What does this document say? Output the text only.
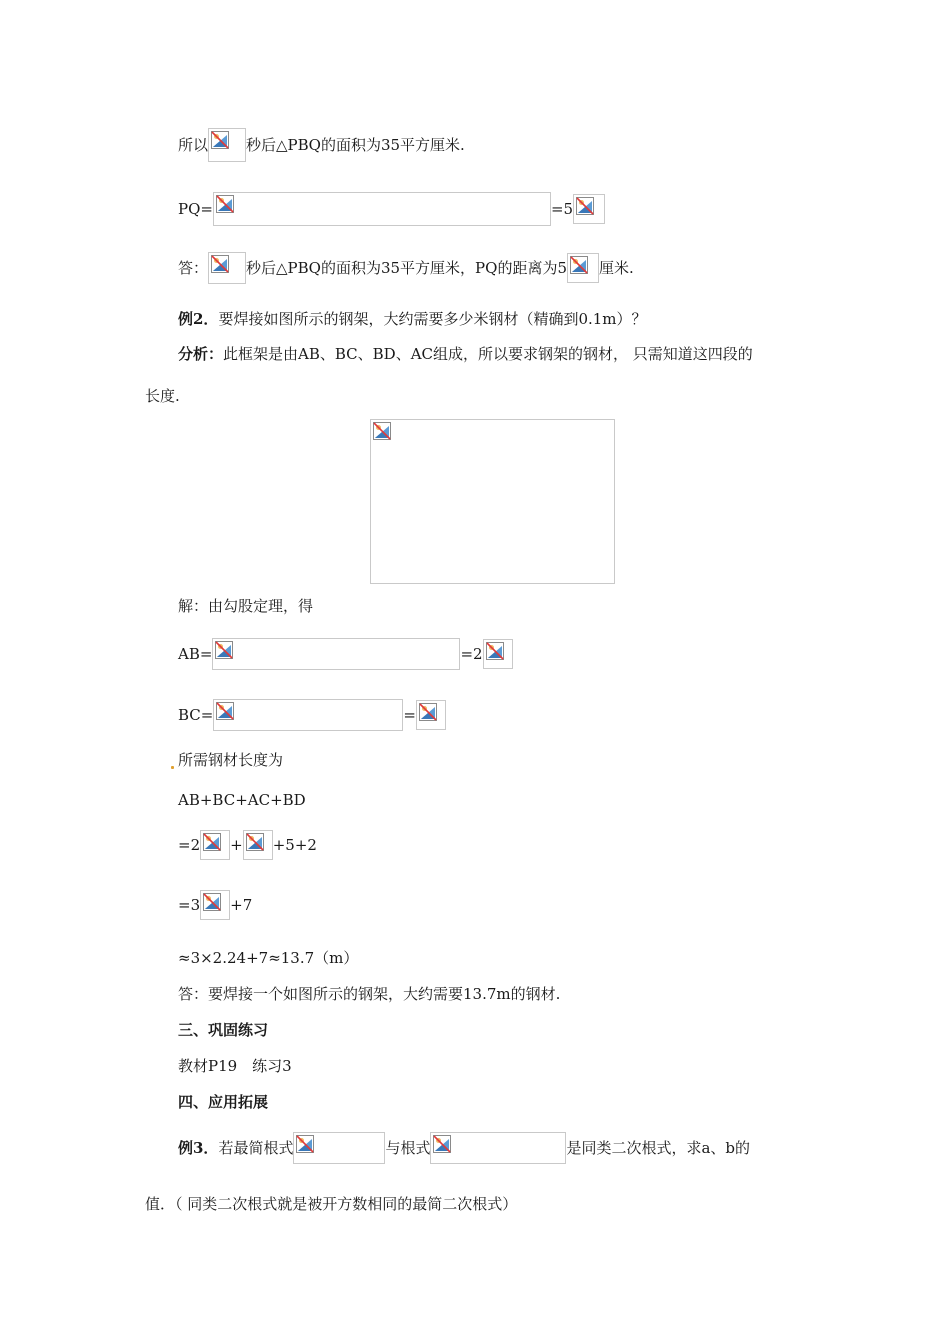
所以	秒后△PBQ的面积为35平方厘米.
PQ=	=5
答：	秒后△PBQ的面积为35平方厘米，PQ的距离为5 厘米.
例2． 要焊接如图所示的钢架，大约需要多少米钢材（精确到0.1m）？
分析： 此框架是由AB、BC、BD、AC组成，所以要求钢架的钢材， 只需知道这四段的
长度.
解：由勾股定理，得
AB=	=2
BC=	=
所需钢材长度为
AB+BC+AC+BD
=2 + +5+2
=3 +7
≈3×2.24+7≈13.7（m）
答：要焊接一个如图所示的钢架，大约需要13.7m的钢材.
三、巩固练习
教材P19　练习3
四、应用拓展
例3． 若最简根式	与根式	是同类二次根式，求a、b的
值．（ 同类二次根式就是被开方数相同的最简二次根式）
